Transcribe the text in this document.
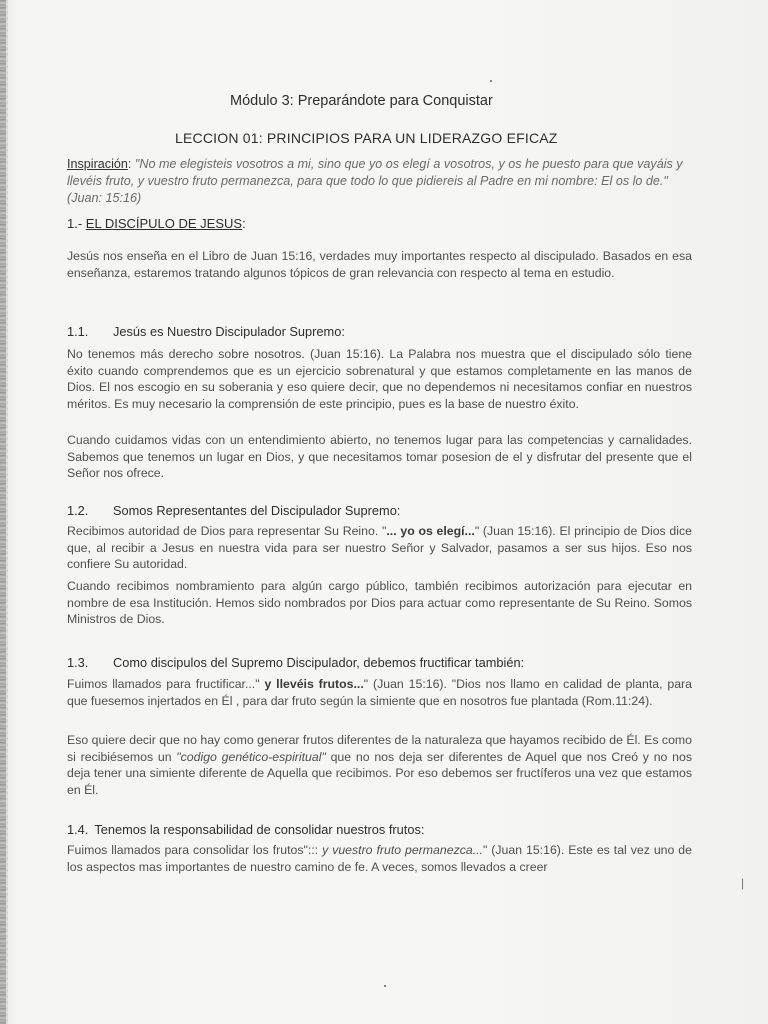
Módulo 3: Preparándote para Conquistar
LECCION 01: PRINCIPIOS PARA UN LIDERAZGO EFICAZ
Inspiración: "No me elegisteis vosotros a mi, sino que yo os elegí a vosotros, y os he puesto para que vayáis y llevéis fruto, y vuestro fruto permanezca, para que todo lo que pidiereis al Padre en mi nombre: El os lo de." (Juan: 15:16)
1.- EL DISCÍPULO DE JESUS:
Jesús nos enseña en el Libro de Juan 15:16, verdades muy importantes respecto al discipulado. Basados en esa enseñanza, estaremos tratando algunos tópicos de gran relevancia con respecto al tema en estudio.
1.1. Jesús es Nuestro Discipulador Supremo:
No tenemos más derecho sobre nosotros. (Juan 15:16). La Palabra nos muestra que el discipulado sólo tiene éxito cuando comprendemos que es un ejercicio sobrenatural y que estamos completamente en las manos de Dios. El nos escogio en su soberania y eso quiere decir, que no dependemos ni necesitamos confiar en nuestros méritos. Es muy necesario la comprensión de este principio, pues es la base de nuestro éxito.
Cuando cuidamos vidas con un entendimiento abierto, no tenemos lugar para las competencias y carnalidades. Sabemos que tenemos un lugar en Dios, y que necesitamos tomar posesion de el y disfrutar del presente que el Señor nos ofrece.
1.2. Somos Representantes del Discipulador Supremo:
Recibimos autoridad de Dios para representar Su Reino. "... yo os elegí..." (Juan 15:16). El principio de Dios dice que, al recibir a Jesus en nuestra vida para ser nuestro Señor y Salvador, pasamos a ser sus hijos. Eso nos confiere Su autoridad.
Cuando recibimos nombramiento para algún cargo público, también recibimos autorización para ejecutar en nombre de esa Institución. Hemos sido nombrados por Dios para actuar como representante de Su Reino. Somos Ministros de Dios.
1.3. Como discipulos del Supremo Discipulador, debemos fructificar también:
Fuimos llamados para fructificar..." y llevéis frutos..." (Juan 15:16). "Dios nos llamo en calidad de planta, para que fuesemos injertados en Él , para dar fruto según la simiente que en nosotros fue plantada (Rom.11:24).
Eso quiere decir que no hay como generar frutos diferentes de la naturaleza que hayamos recibido de Él. Es como si recibiésemos un "codigo genético-espiritual" que no nos deja ser diferentes de Aquel que nos Creó y no nos deja tener una simiente diferente de Aquella que recibimos. Por eso debemos ser fructíferos una vez que estamos en Él.
1.4. Tenemos la responsabilidad de consolidar nuestros frutos:
Fuimos llamados para consolidar los frutos"::: y vuestro fruto permanezca..." (Juan 15:16). Este es tal vez uno de los aspectos mas importantes de nuestro camino de fe. A veces, somos llevados a creer
|
